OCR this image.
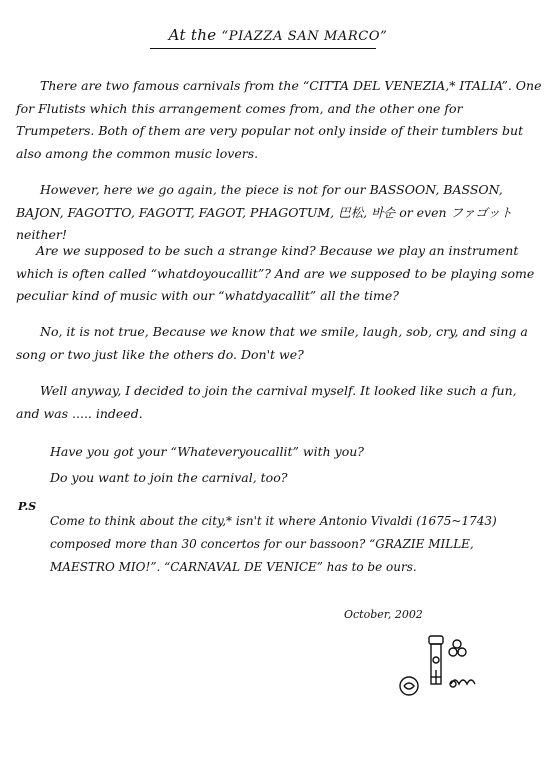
At the “PIAZZA SAN MARCO”
There are two famous carnivals from the “CITTA DEL VENEZIA,* ITALIA”. One for Flutists which this arrangement comes from, and the other one for Trumpeters. Both of them are very popular not only inside of their tumblers but also among the common music lovers.
However, here we go again, the piece is not for our BASSOON, BASSON, BAJON, FAGOTTO, FAGOTT, FAGOT, PHAGOTUM, 巴松, 바순 or even ファゴット neither!
Are we supposed to be such a strange kind? Because we play an instrument which is often called “whatdoyoucallit”? And are we supposed to be playing some peculiar kind of music with our “whatdyacallit” all the time?
No, it is not true, Because we know that we smile, laugh, sob, cry, and sing a song or two just like the others do. Don't we?
Well anyway, I decided to join the carnival myself. It looked like such a fun, and was ..... indeed.
Have you got your “Whateveryoucallit” with you?
Do you want to join the carnival, too?
P.S
Come to think about the city,* isn't it where Antonio Vivaldi (1675~1743) composed more than 30 concertos for our bassoon? “GRAZIE MILLE, MAESTRO MIO!”. “CARNAVAL DE VENICE” has to be ours.
October, 2002
